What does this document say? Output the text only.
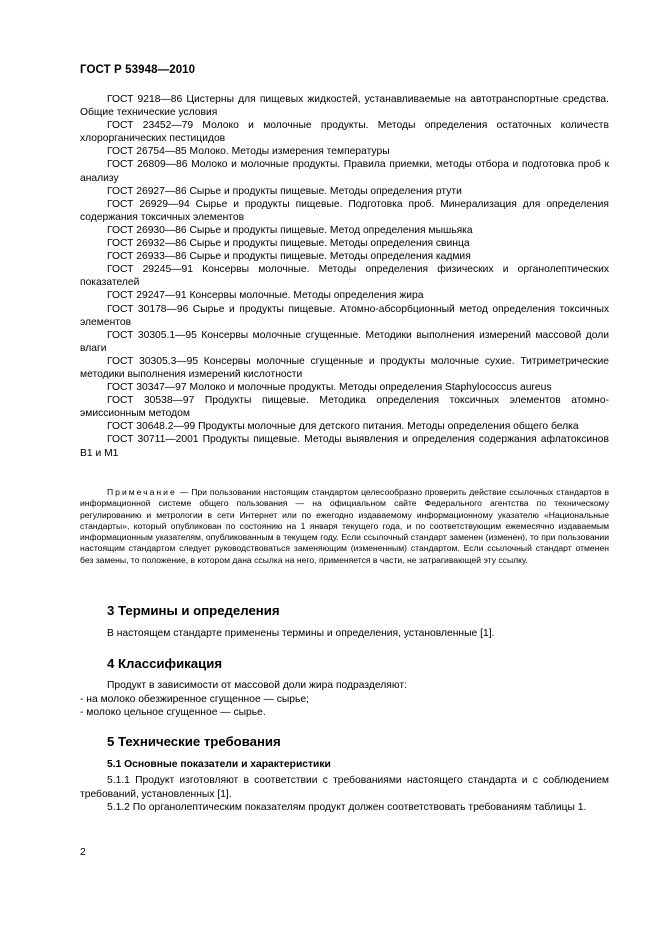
ГОСТ Р 53948—2010

ГОСТ 9218—86 Цистерны для пищевых жидкостей, устанавливаемые на автотранспортные средства. Общие технические условия

ГОСТ 23452—79 Молоко и молочные продукты. Методы определения остаточных количеств хлорорганических пестицидов

ГОСТ 26754—85 Молоко. Методы измерения температуры

ГОСТ 26809—86 Молоко и молочные продукты. Правила приемки, методы отбора и подготовка проб к анализу

ГОСТ 26927—86 Сырье и продукты пищевые. Методы определения ртути

ГОСТ 26929—94 Сырье и продукты пищевые. Подготовка проб. Минерализация для определения содержания токсичных элементов

ГОСТ 26930—86 Сырье и продукты пищевые. Метод определения мышьяка

ГОСТ 26932—86 Сырье и продукты пищевые. Методы определения свинца

ГОСТ 26933—86 Сырье и продукты пищевые. Методы определения кадмия

ГОСТ 29245—91 Консервы молочные. Методы определения физических и органолептических показателей

ГОСТ 29247—91 Консервы молочные. Методы определения жира

ГОСТ 30178—96 Сырье и продукты пищевые. Атомно-абсорбционный метод определения токсичных элементов

ГОСТ 30305.1—95 Консервы молочные сгущенные. Методики выполнения измерений массовой доли влаги

ГОСТ 30305.3—95 Консервы молочные сгущенные и продукты молочные сухие. Титриметрические методики выполнения измерений кислотности

ГОСТ 30347—97 Молоко и молочные продукты. Методы определения Staphylococcus aureus

ГОСТ 30538—97 Продукты пищевые. Методика определения токсичных элементов атомно-эмиссионным методом

ГОСТ 30648.2—99 Продукты молочные для детского питания. Методы определения общего белка

ГОСТ 30711—2001 Продукты пищевые. Методы выявления и определения содержания афлатоксинов В1 и М1

Примечание — При пользовании настоящим стандартом целесообразно проверить действие ссылочных стандартов в информационной системе общего пользования — на официальном сайте Федерального агентства по техническому регулированию и метрологии в сети Интернет или по ежегодно издаваемому информационному указателю «Национальные стандарты», который опубликован по состоянию на 1 января текущего года, и по соответствующим ежемесячно издаваемым информационным указателям, опубликованным в текущем году. Если ссылочный стандарт заменен (изменен), то при пользовании настоящим стандартом следует руководствоваться заменяющим (измененным) стандартом. Если ссылочный стандарт отменен без замены, то положение, в котором дана ссылка на него, применяется в части, не затрагивающей эту ссылку.

3 Термины и определения

В настоящем стандарте применены термины и определения, установленные [1].

4 Классификация

Продукт в зависимости от массовой доли жира подразделяют:

- на молоко обезжиренное сгущенное — сырье;

- молоко цельное сгущенное — сырье.

5 Технические требования
5.1 Основные показатели и характеристики

5.1.1 Продукт изготовляют в соответствии с требованиями настоящего стандарта и с соблюдением требований, установленных [1].

5.1.2 По органолептическим показателям продукт должен соответствовать требованиям таблицы 1.

2
